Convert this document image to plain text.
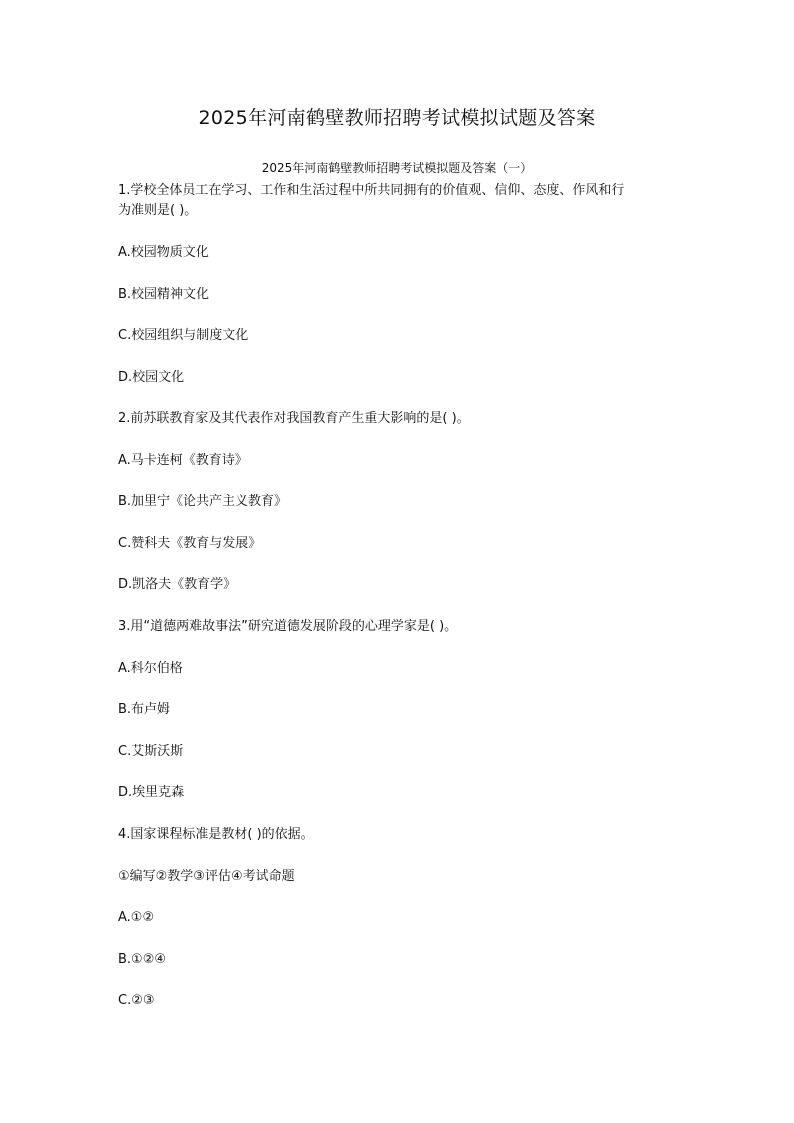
2025年河南鹤壁教师招聘考试模拟试题及答案
2025年河南鹤壁教师招聘考试模拟题及答案（一）
1.学校全体员工在学习、工作和生活过程中所共同拥有的价值观、信仰、态度、作风和行
为准则是( )。
A.校园物质文化
B.校园精神文化
C.校园组织与制度文化
D.校园文化
2.前苏联教育家及其代表作对我国教育产生重大影响的是( )。
A.马卡连柯《教育诗》
B.加里宁《论共产主义教育》
C.赞科夫《教育与发展》
D.凯洛夫《教育学》
3.用“道德两难故事法”研究道德发展阶段的心理学家是( )。
A.科尔伯格
B.布卢姆
C.艾斯沃斯
D.埃里克森
4.国家课程标准是教材( )的依据。
①编写②教学③评估④考试命题
A.①②
B.①②④
C.②③
